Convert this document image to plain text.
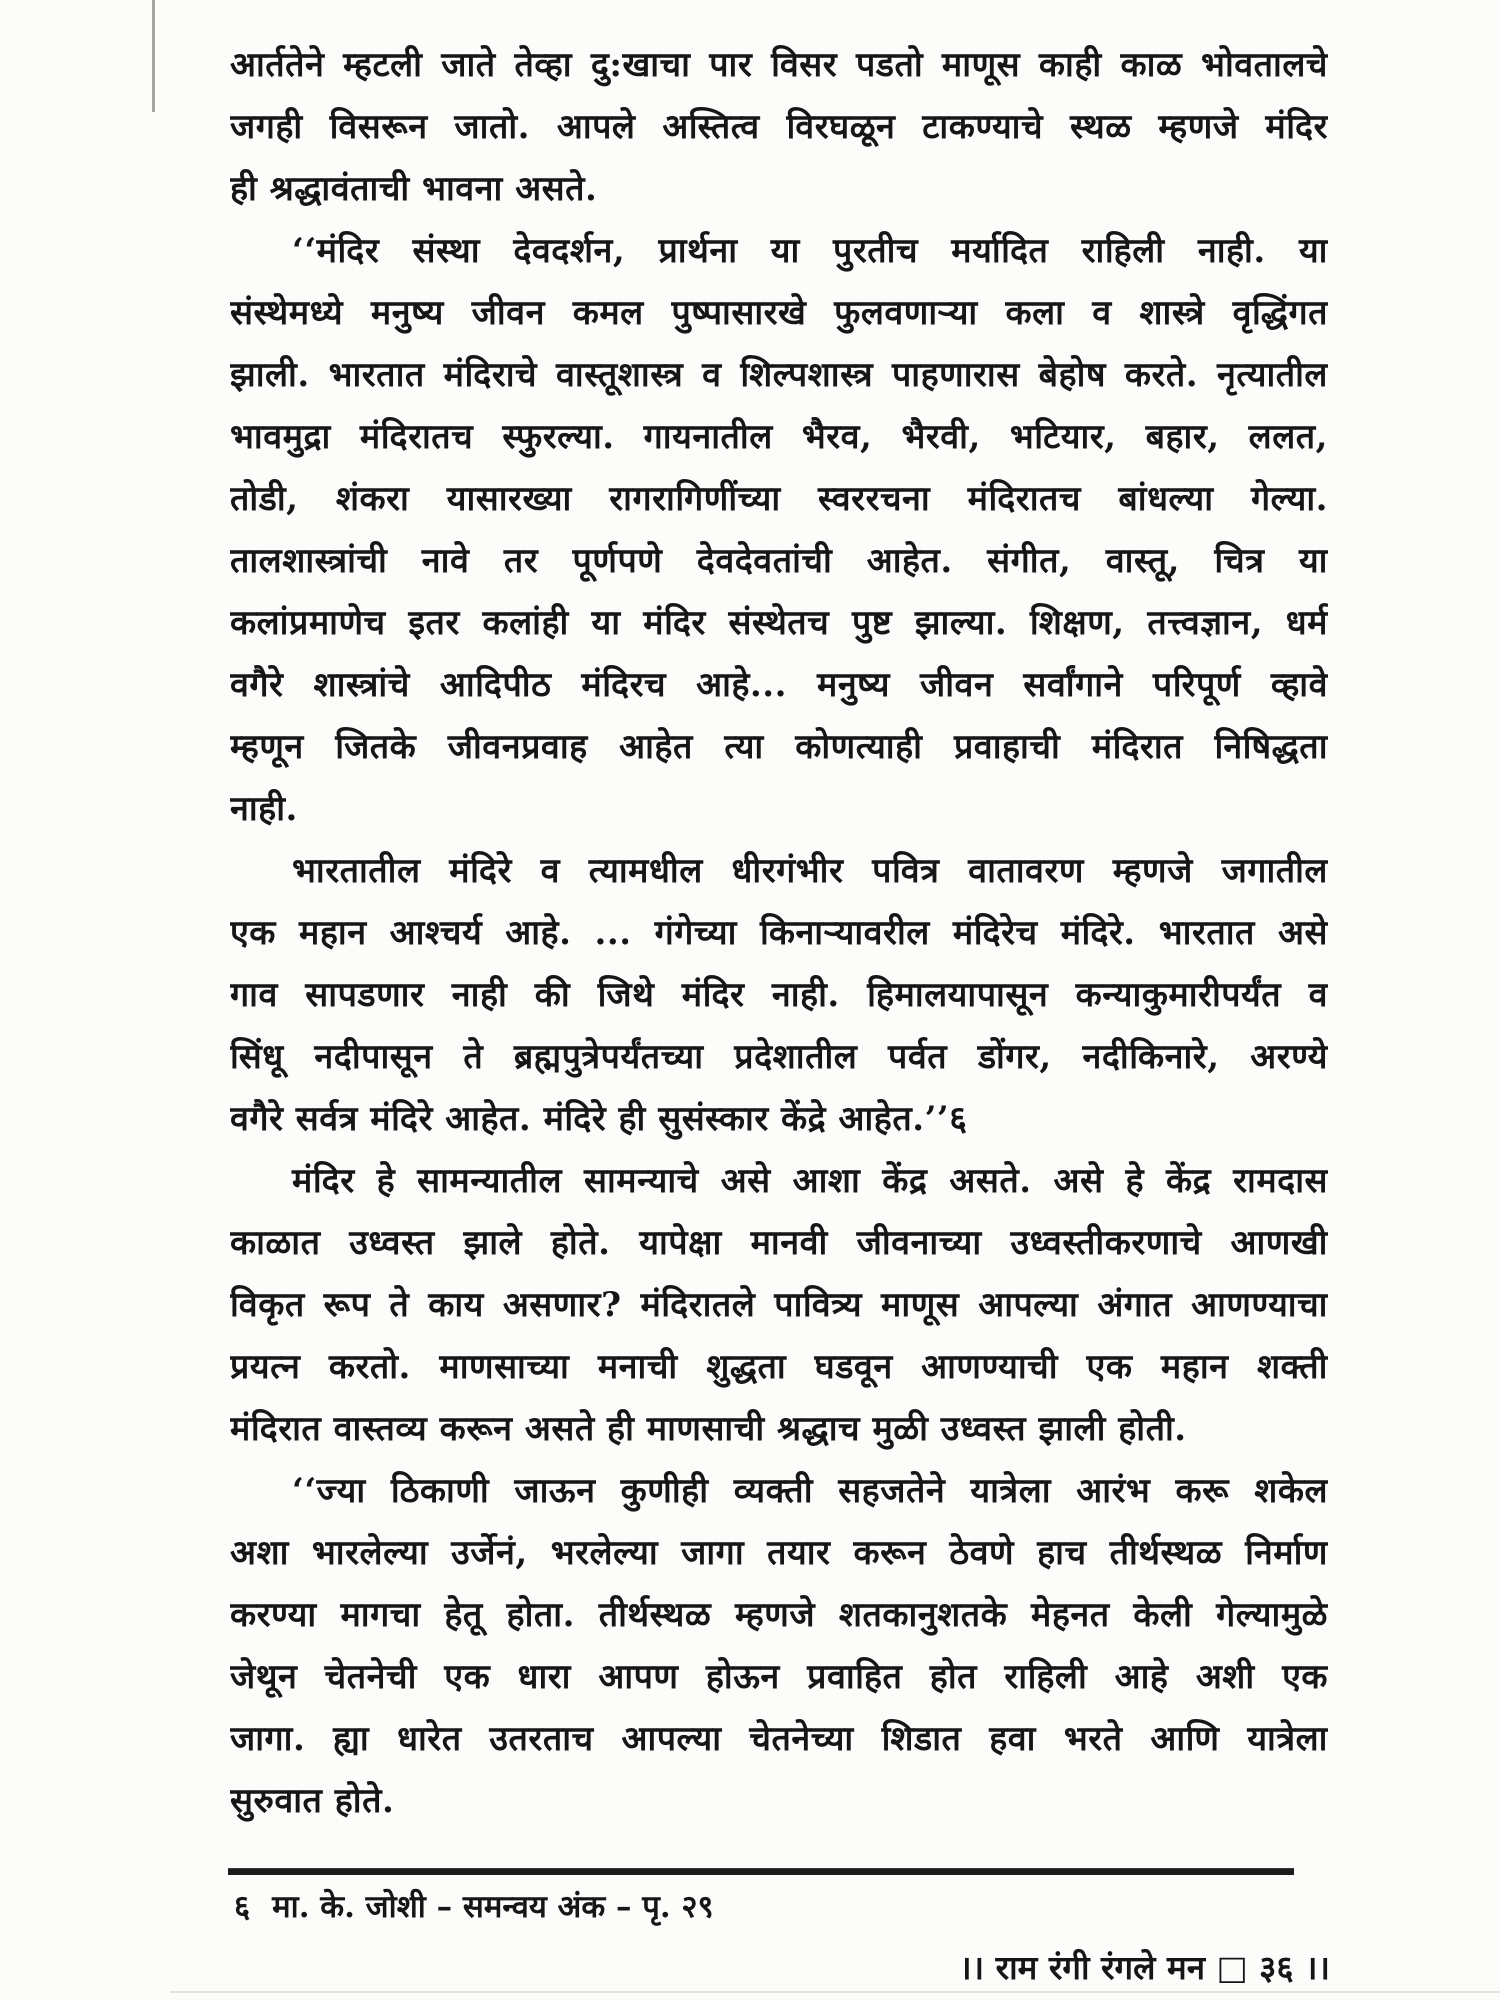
आर्ततेने म्हटली जाते तेव्हा दु:खाचा पार विसर पडतो माणूस काही काळ भोवतालचे
जगही विसरून जातो. आपले अस्तित्व विरघळून टाकण्याचे स्थळ म्हणजे मंदिर
ही श्रद्धावंताची भावना असते.
‘‘मंदिर संस्था देवदर्शन, प्रार्थना या पुरतीच मर्यादित राहिली नाही. या
संस्थेमध्ये मनुष्य जीवन कमल पुष्पासारखे फुलवणाऱ्या कला व शास्त्रे वृद्धिंगत
झाली. भारतात मंदिराचे वास्तूशास्त्र व शिल्पशास्त्र पाहणारास बेहोष करते. नृत्यातील
भावमुद्रा मंदिरातच स्फुरल्या. गायनातील भैरव, भैरवी, भटियार, बहार, ललत,
तोडी, शंकरा यासारख्या रागरागिणींच्या स्वररचना मंदिरातच बांधल्या गेल्या.
तालशास्त्रांची नावे तर पूर्णपणे देवदेवतांची आहेत. संगीत, वास्तू, चित्र या
कलांप्रमाणेच इतर कलांही या मंदिर संस्थेतच पुष्ट झाल्या. शिक्षण, तत्त्वज्ञान, धर्म
वगैरे शास्त्रांचे आदिपीठ मंदिरच आहे... मनुष्य जीवन सर्वांगाने परिपूर्ण व्हावे
म्हणून जितके जीवनप्रवाह आहेत त्या कोणत्याही प्रवाहाची मंदिरात निषिद्धता
नाही.
भारतातील मंदिरे व त्यामधील धीरगंभीर पवित्र वातावरण म्हणजे जगातील
एक महान आश्चर्य आहे. ... गंगेच्या किनाऱ्यावरील मंदिरेच मंदिरे. भारतात असे
गाव सापडणार नाही की जिथे मंदिर नाही. हिमालयापासून कन्याकुमारीपर्यंत व
सिंधू नदीपासून ते ब्रह्मपुत्रेपर्यंतच्या प्रदेशातील पर्वत डोंगर, नदीकिनारे, अरण्ये
वगैरे सर्वत्र मंदिरे आहेत. मंदिरे ही सुसंस्कार केंद्रे आहेत.’’६
मंदिर हे सामन्यातील सामन्याचे असे आशा केंद्र असते. असे हे केंद्र रामदास
काळात उध्वस्त झाले होते. यापेक्षा मानवी जीवनाच्या उध्वस्तीकरणाचे आणखी
विकृत रूप ते काय असणार? मंदिरातले पावित्र्य माणूस आपल्या अंगात आणण्याचा
प्रयत्न करतो. माणसाच्या मनाची शुद्धता घडवून आणण्याची एक महान शक्ती
मंदिरात वास्तव्य करून असते ही माणसाची श्रद्धाच मुळी उध्वस्त झाली होती.
‘‘ज्या ठिकाणी जाऊन कुणीही व्यक्ती सहजतेने यात्रेला आरंभ करू शकेल
अशा भारलेल्या उर्जेनं, भरलेल्या जागा तयार करून ठेवणे हाच तीर्थस्थळ निर्माण
करण्या मागचा हेतू होता. तीर्थस्थळ म्हणजे शतकानुशतके मेहनत केली गेल्यामुळे
जेथून चेतनेची एक धारा आपण होऊन प्रवाहित होत राहिली आहे अशी एक
जागा. ह्या धारेत उतरताच आपल्या चेतनेच्या शिडात हवा भरते आणि यात्रेला
सुरुवात होते.
६ मा. के. जोशी – समन्वय अंक – पृ. २९
।। राम रंगी रंगले मन □ ३६ ।।
